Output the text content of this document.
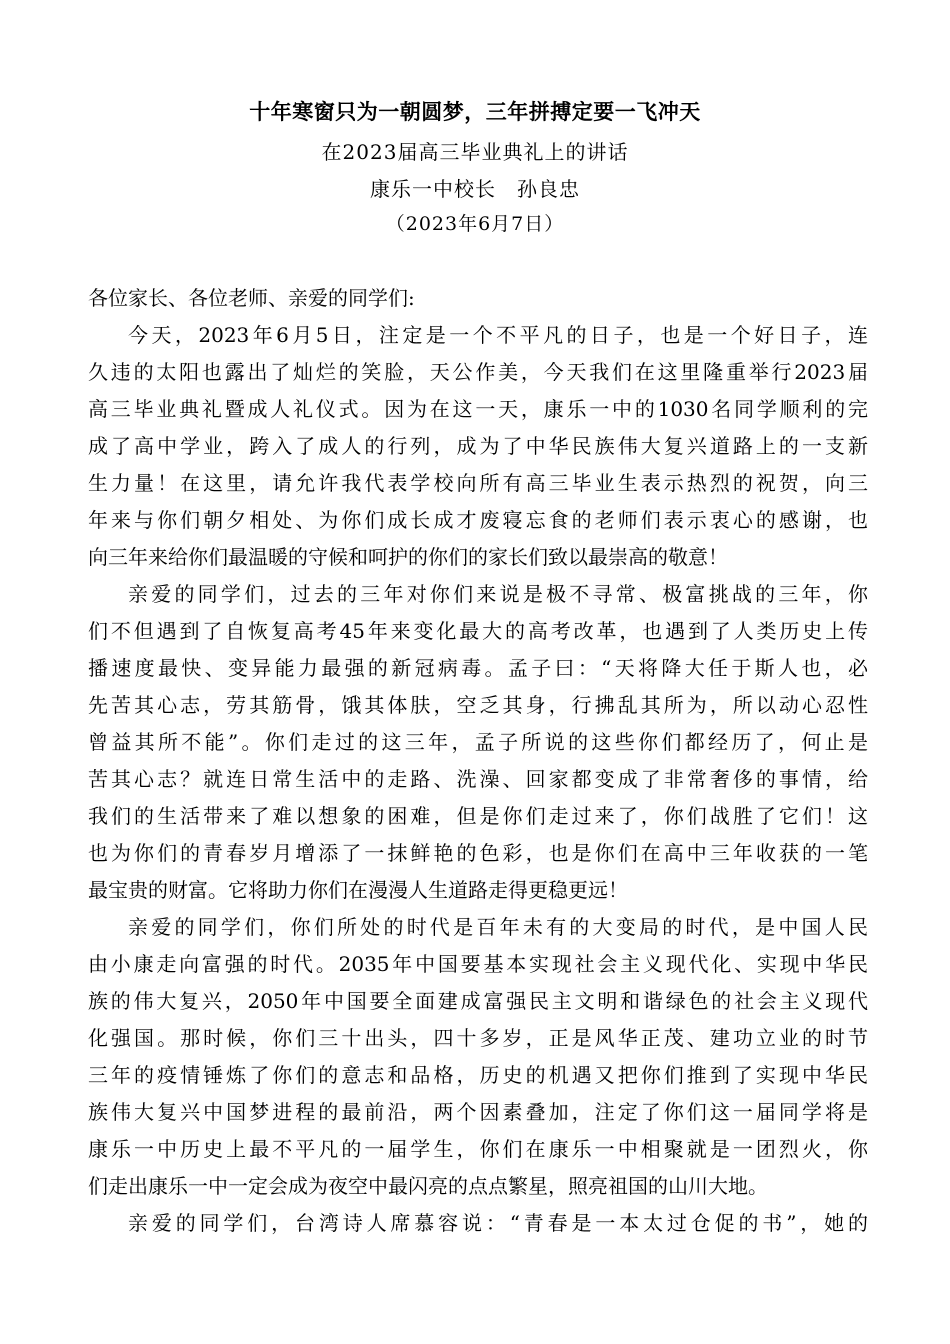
十年寒窗只为一朝圆梦，三年拼搏定要一飞冲天
在2023届高三毕业典礼上的讲话
康乐一中校长　孙良忠
（2023年6月7日）
各位家长、各位老师、亲爱的同学们:
今天，2023年6月5日，注定是一个不平凡的日子，也是一个好日子，连
久违的太阳也露出了灿烂的笑脸，天公作美，今天我们在这里隆重举行2023届
高三毕业典礼暨成人礼仪式。因为在这一天，康乐一中的1030名同学顺利的完
成了高中学业，跨入了成人的行列，成为了中华民族伟大复兴道路上的一支新
生力量！在这里，请允许我代表学校向所有高三毕业生表示热烈的祝贺，向三
年来与你们朝夕相处、为你们成长成才废寝忘食的老师们表示衷心的感谢，也
向三年来给你们最温暖的守候和呵护的你们的家长们致以最崇高的敬意！
亲爱的同学们，过去的三年对你们来说是极不寻常、极富挑战的三年，你
们不但遇到了自恢复高考45年来变化最大的高考改革，也遇到了人类历史上传
播速度最快、变异能力最强的新冠病毒。孟子曰：“天将降大任于斯人也，必
先苦其心志，劳其筋骨，饿其体肤，空乏其身，行拂乱其所为，所以动心忍性
曾益其所不能”。你们走过的这三年，孟子所说的这些你们都经历了，何止是
苦其心志？就连日常生活中的走路、洗澡、回家都变成了非常奢侈的事情，给
我们的生活带来了难以想象的困难，但是你们走过来了，你们战胜了它们！这
也为你们的青春岁月增添了一抹鲜艳的色彩，也是你们在高中三年收获的一笔
最宝贵的财富。它将助力你们在漫漫人生道路走得更稳更远！
亲爱的同学们，你们所处的时代是百年未有的大变局的时代，是中国人民
由小康走向富强的时代。2035年中国要基本实现社会主义现代化、实现中华民
族的伟大复兴，2050年中国要全面建成富强民主文明和谐绿色的社会主义现代
化强国。那时候，你们三十出头，四十多岁，正是风华正茂、建功立业的时节
三年的疫情锤炼了你们的意志和品格，历史的机遇又把你们推到了实现中华民
族伟大复兴中国梦进程的最前沿，两个因素叠加，注定了你们这一届同学将是
康乐一中历史上最不平凡的一届学生，你们在康乐一中相聚就是一团烈火，你
们走出康乐一中一定会成为夜空中最闪亮的点点繁星，照亮祖国的山川大地。
亲爱的同学们，台湾诗人席慕容说：“青春是一本太过仓促的书”，她的
